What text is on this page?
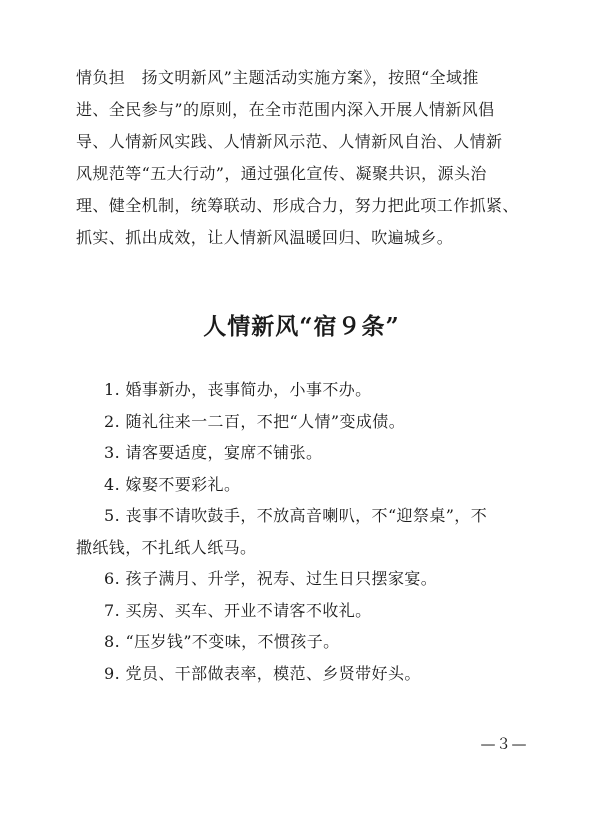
情负担　扬文明新风”主题活动实施方案》，按照“全域推

进、全民参与”的原则，在全市范围内深入开展人情新风倡

导、人情新风实践、人情新风示范、人情新风自治、人情新

风规范等“五大行动”，通过强化宣传、凝聚共识，源头治

理、健全机制，统筹联动、形成合力，努力把此项工作抓紧、

抓实、抓出成效，让人情新风温暖回归、吹遍城乡。

人情新风“宿９条”
1. 婚事新办，丧事简办，小事不办。
2. 随礼往来一二百，不把“人情”变成债。
3. 请客要适度，宴席不铺张。
4. 嫁娶不要彩礼。
5. 丧事不请吹鼓手，不放高音喇叭，不“迎祭桌”，不
撒纸钱，不扎纸人纸马。
6. 孩子满月、升学，祝寿、过生日只摆家宴。
7. 买房、买车、开业不请客不收礼。
8. “压岁钱”不变味，不惯孩子。
9. 党员、干部做表率，模范、乡贤带好头。
—３—
